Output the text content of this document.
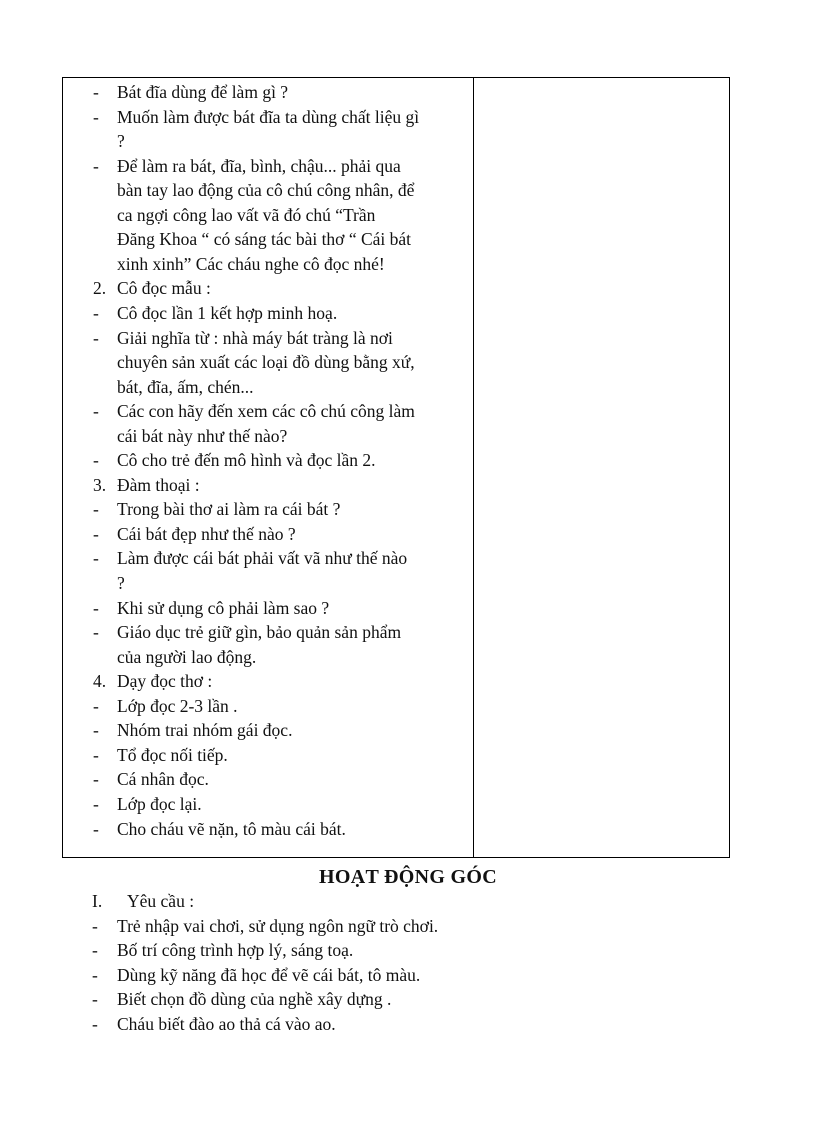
- Bát đĩa dùng để làm gì ?
- Muốn làm được bát đĩa ta dùng chất liệu gì
?
- Để làm ra bát, đĩa, bình, chậu... phải qua
bàn tay lao động của cô chú công nhân, để
ca ngợi công lao vất vã đó chú “Trần
Đăng Khoa “ có sáng tác bài thơ “ Cái bát
xinh xinh” Các cháu nghe cô đọc nhé!
2. Cô đọc mẫu :
- Cô đọc lần 1 kết hợp minh hoạ.
- Giải nghĩa từ : nhà máy bát tràng là nơi
chuyên sản xuất các loại đồ dùng bằng xứ,
bát, đĩa, ấm, chén...
- Các con hãy đến xem các cô chú công làm
cái bát này như thế nào?
- Cô cho trẻ đến mô hình và đọc lần 2.
3. Đàm thoại :
- Trong bài thơ ai làm ra cái bát ?
- Cái bát đẹp như thế nào ?
- Làm được cái bát phải vất vã như thế nào
?
- Khi sử dụng cô phải làm sao ?
- Giáo dục trẻ giữ gìn, bảo quản sản phẩm
của người lao động.
4. Dạy đọc thơ :
- Lớp đọc 2-3 lần .
- Nhóm trai nhóm gái đọc.
- Tổ đọc nối tiếp.
- Cá nhân đọc.
- Lớp đọc lại.
- Cho cháu vẽ nặn, tô màu cái bát.
HOẠT ĐỘNG GÓC
I. Yêu cầu :
- Trẻ nhập vai chơi, sử dụng ngôn ngữ trò chơi.
- Bố trí công trình hợp lý, sáng toạ.
- Dùng kỹ năng đã học để vẽ cái bát, tô màu.
- Biết chọn đồ dùng của nghề xây dựng .
- Cháu biết đào ao thả cá vào ao.
